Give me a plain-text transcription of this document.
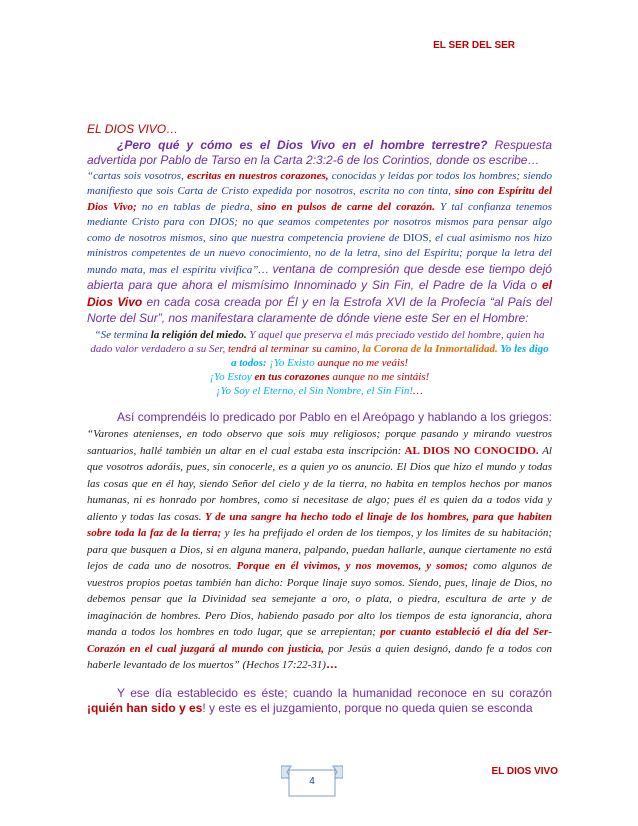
EL SER DEL SER

EL DIOS VIVO…

¿Pero qué y cómo es el Dios Vivo en el hombre terrestre? Respuesta advertida por Pablo de Tarso en la Carta 2:3:2-6 de los Corintios, donde os escribe…

“cartas sois vosotros, escritas en nuestros corazones, conocidas y leídas por todos los hombres; siendo manifiesto que sois Carta de Cristo expedida por nosotros, escrita no con tinta, sino con Espíritu del Dios Vivo; no en tablas de piedra, sino en pulsos de carne del corazón. Y tal confianza tenemos mediante Cristo para con DIOS; no que seamos competentes por nosotros mismos para pensar algo como de nosotros mismos, sino que nuestra competencia proviene de DIOS, el cual asimismo nos hizo ministros competentes de un nuevo conocimiento, no de la letra, sino del Espíritu; porque la letra del mundo mata, mas el espíritu vivifica”… ventana de compresión que desde ese tiempo dejó abierta para que ahora el mismísimo Innominado y Sin Fin, el Padre de la Vida o el Dios Vivo en cada cosa creada por Él y en la Estrofa XVI de la Profecía “al País del Norte del Sur”, nos manifestara claramente de dónde viene este Ser en el Hombre:

“Se termina la religión del miedo. Y aquel que preserva el más preciado vestido del hombre, quien ha dado valor verdadero a su Ser, tendrá al terminar su camino, la Corona de la Inmortalidad. Yo les digo a todos: ¡Yo Existo aunque no me veáis!
¡Yo Estoy en tus corazones aunque no me sintáis!
¡Yo Soy el Eterno, el Sin Nombre, el Sin Fin!…

Así comprendéis lo predicado por Pablo en el Areópago y hablando a los griegos: “Varones atenienses, en todo observo que sois muy religiosos; porque pasando y mirando vuestros santuarios, hallé también un altar en el cual estaba esta inscripción: AL DIOS NO CONOCIDO. Al que vosotros adoráis, pues, sin conocerle, es a quien yo os anuncio. El Dios que hizo el mundo y todas las cosas que en él hay, siendo Señor del cielo y de la tierra, no habita en templos hechos por manos humanas, ni es honrado por hombres, como si necesitase de algo; pues él es quien da a todos vida y aliento y todas las cosas. Y de una sangre ha hecho todo el linaje de los hombres, para que habiten sobre toda la faz de la tierra; y les ha prefijado el orden de los tiempos, y los límites de su habitación; para que busquen a Dios, si en alguna manera, palpando, puedan hallarle, aunque ciertamente no está lejos de cada uno de nosotros. Porque en él vivimos, y nos movemos, y somos; como algunos de vuestros propios poetas también han dicho: Porque linaje suyo somos. Siendo, pues, linaje de Dios, no debemos pensar que la Divinidad sea semejante a oro, o plata, o piedra, escultura de arte y de imaginación de hombres. Pero Dios, habiendo pasado por alto los tiempos de esta ignorancia, ahora manda a todos los hombres en todo lugar, que se arrepientan; por cuanto estableció el día del Ser-Corazón en el cual juzgará al mundo con justicia, por Jesús a quien designó, dando fe a todos con haberle levantado de los muertos” (Hechos 17:22-31)…

Y ese día establecido es éste; cuando la humanidad reconoce en su corazón ¡quién han sido y es! y este es el juzgamiento, porque no queda quien se esconda

EL DIOS VIVO
4
